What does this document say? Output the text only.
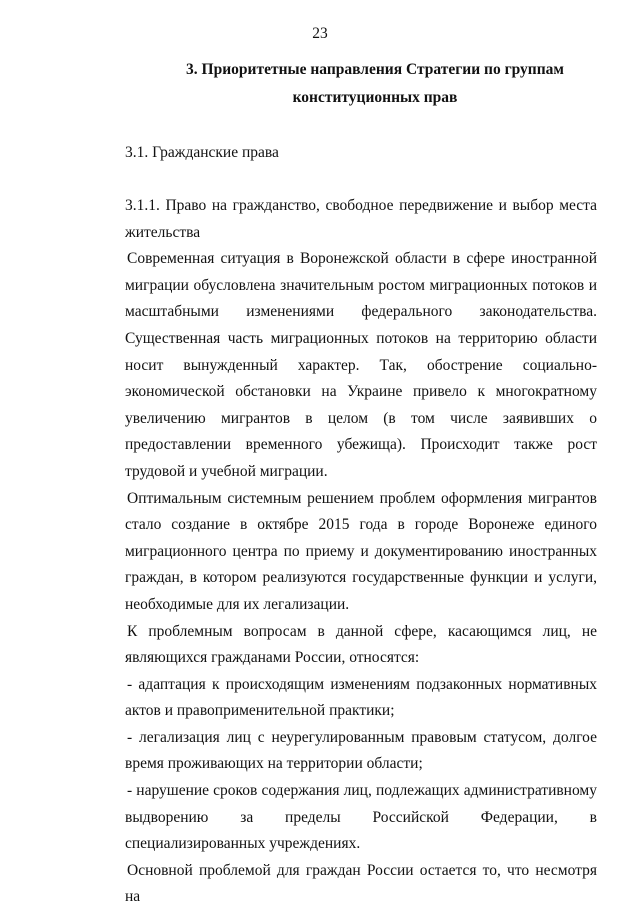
23
3. Приоритетные направления Стратегии по группам
конституционных прав
3.1. Гражданские права

3.1.1. Право на гражданство, свободное передвижение и выбор места жительства

Современная ситуация в Воронежской области в сфере иностранной миграции обусловлена значительным ростом миграционных потоков и масштабными изменениями федерального законодательства. Существенная часть миграционных потоков на территорию области носит вынужденный характер. Так, обострение социально-экономической обстановки на Украине привело к многократному увеличению мигрантов в целом (в том числе заявивших о предоставлении временного убежища). Происходит также рост трудовой и учебной миграции.

Оптимальным системным решением проблем оформления мигрантов стало создание в октябре 2015 года в городе Воронеже единого миграционного центра по приему и документированию иностранных граждан, в котором реализуются государственные функции и услуги, необходимые для их легализации.

К проблемным вопросам в данной сфере, касающимся лиц, не являющихся гражданами России, относятся:

- адаптация к происходящим изменениям подзаконных нормативных актов и правоприменительной практики;

- легализация лиц с неурегулированным правовым статусом, долгое время проживающих на территории области;

- нарушение сроков содержания лиц, подлежащих административному выдворению за пределы Российской Федерации, в специализированных учреждениях.

Основной проблемой для граждан России остается то, что несмотря на
